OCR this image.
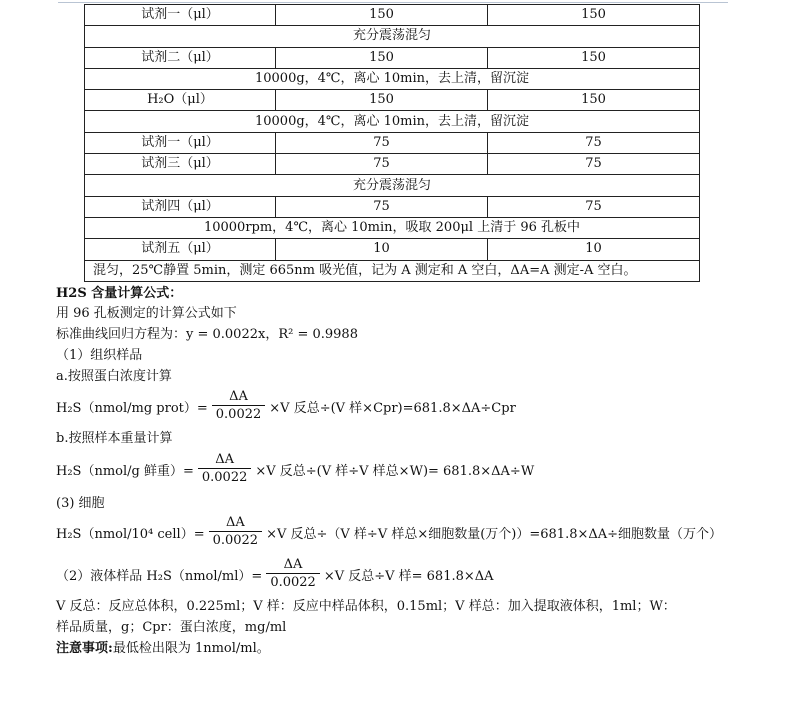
试剂一（μl）	150	150
充分震荡混匀		
试剂二（μl）	150	150
10000g，4℃，离心 10min，去上清，留沉淀		
H₂O（μl）	150	150
10000g，4℃，离心 10min，去上清，留沉淀		
试剂一（μl）	75	75
试剂三（μl）	75	75
充分震荡混匀		
试剂四（μl）	75	75
10000rpm，4℃，离心 10min，吸取 200μl 上清于 96 孔板中		
试剂五（μl）	10	10
混匀，25℃静置 5min，测定 665nm 吸光值，记为 A 测定和 A 空白，ΔA=A 测定-A 空白。		
H2S 含量计算公式：
用 96 孔板测定的计算公式如下
标准曲线回归方程为：y = 0.0022x，R² = 0.9988
（1）组织样品
a.按照蛋白浓度计算
H₂S（nmol/mg prot）= $\frac{\Delta A}{0.0022} \times V$ 反总÷(V 样×Cpr)=681.8×ΔA÷Cpr
b.按照样本重量计算
H₂S（nmol/g 鲜重）= $\frac{\Delta A}{0.0022} \times V$ 反总÷(V 样÷V 样总×W)= 681.8×ΔA÷W
(3) 细胞
H₂S（nmol/10⁴ cell）= $\frac{\Delta A}{0.0022} \times V$ 反总÷（V 样÷V 样总×细胞数量(万个)）=681.8×ΔA÷细胞数量（万个）
（2）液体样品 H₂S（nmol/ml）= $\frac{\Delta A}{0.0022} \times V$ 反总÷V 样= 681.8×ΔA
V 反总：反应总体积，0.225ml；V 样：反应中样品体积，0.15ml；V 样总：加入提取液体积，1ml；W：
样品质量，g；Cpr：蛋白浓度，mg/ml
注意事项:最低检出限为 1nmol/ml。
